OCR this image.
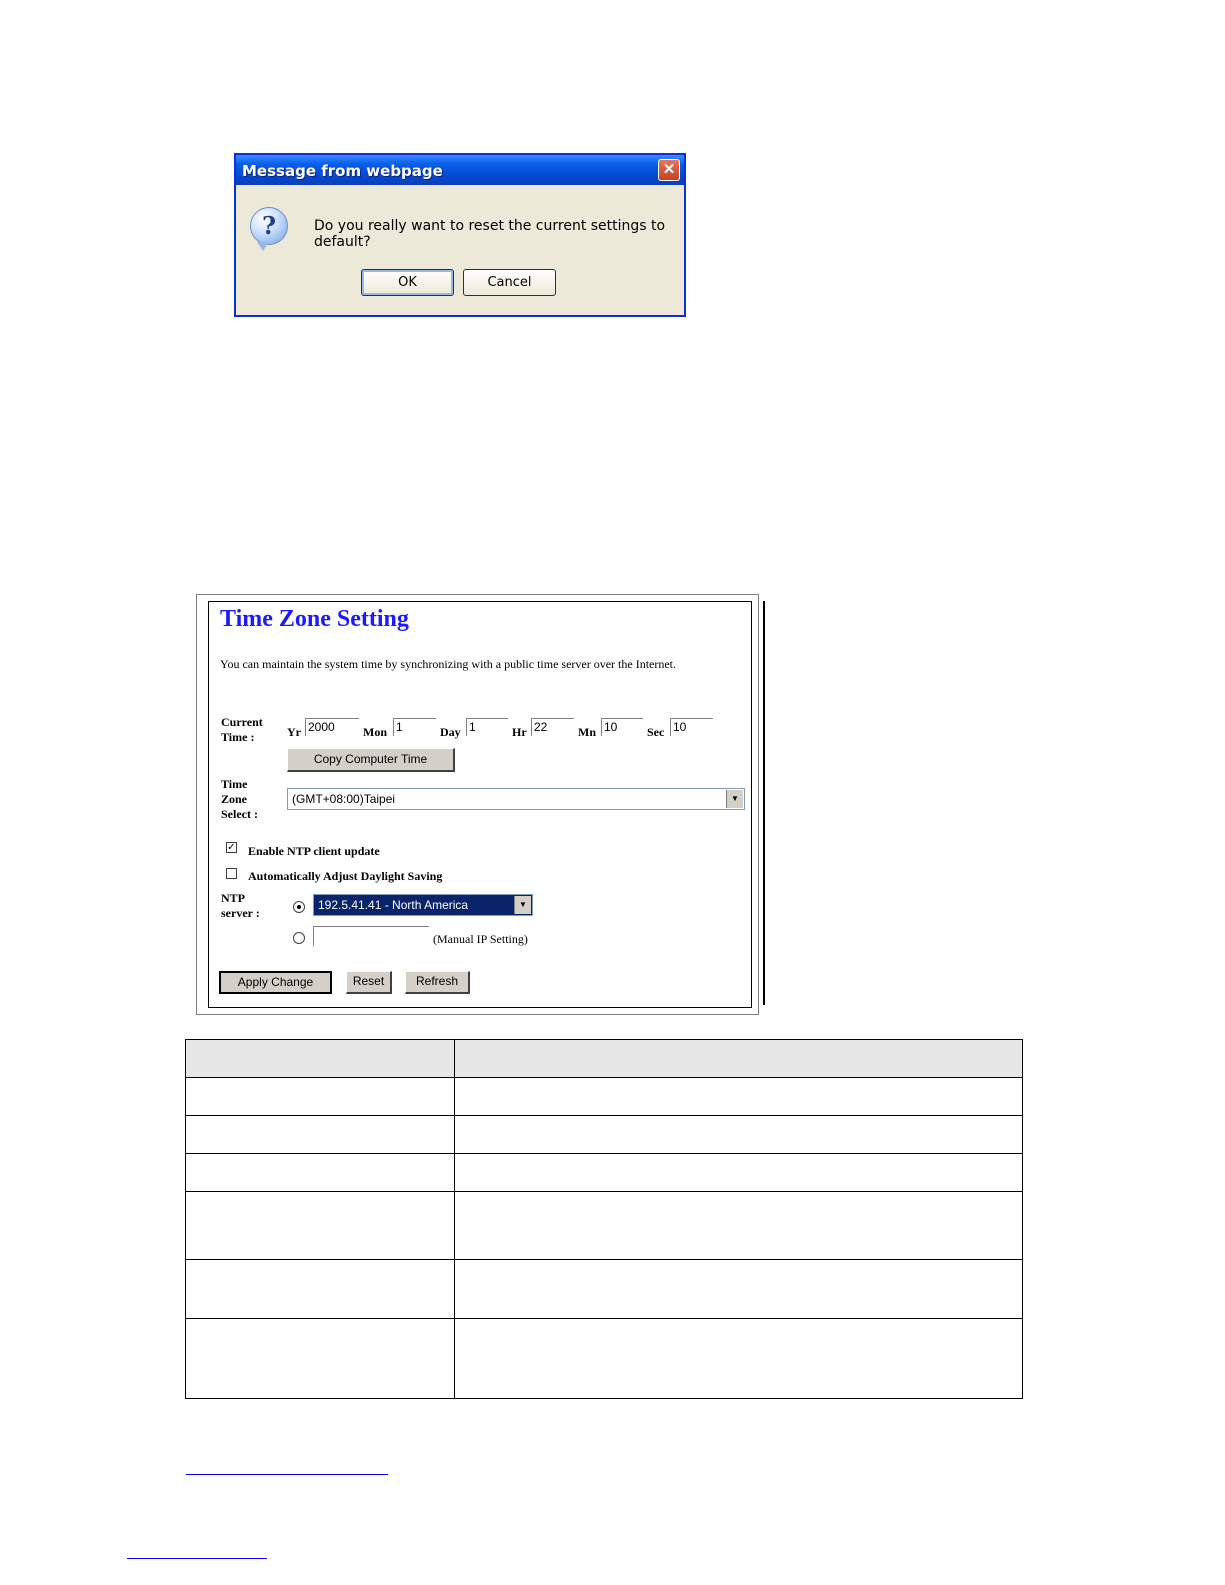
Message from webpage	✕
?	Do you really want to reset the current settings to default?
OK	Cancel
Time Zone Setting
You can maintain the system time by synchronizing with a public time server over the Internet.
Current
Time :	Yr 2000	Mon 1	Day 1	Hr 22	Mn 10	Sec 10
Copy Computer Time
Time
Zone
Select :
(GMT+08:00)Taipei	▼
✓ Enable NTP client update
Automatically Adjust Daylight Saving
NTP
server :
192.5.41.41 - North America	▼
(Manual IP Setting)
Apply Change	Reset	Refresh
